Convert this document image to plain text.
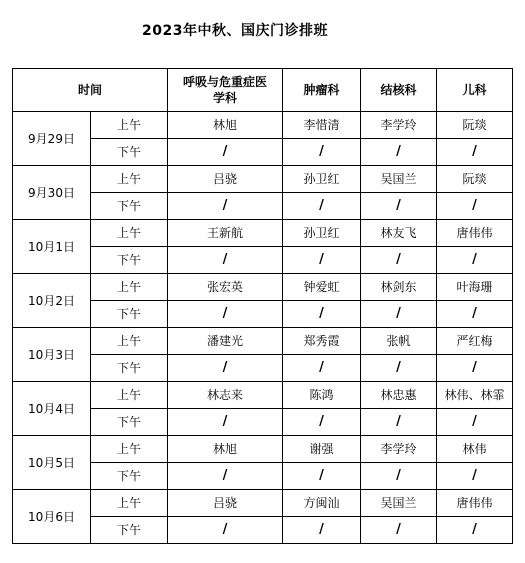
2023年中秋、国庆门诊排班
时间		呼吸与危重症医学科	肿瘤科	结核科	儿科
9月29日	上午	林旭	李惜清	李学玲	阮琰
	下午	/	/	/	/
9月30日	上午	吕骁	孙卫红	吴国兰	阮琰
	下午	/	/	/	/
10月1日	上午	王新航	孙卫红	林友飞	唐伟伟
	下午	/	/	/	/
10月2日	上午	张宏英	钟爱虹	林剑东	叶海珊
	下午	/	/	/	/
10月3日	上午	潘建光	郑秀霞	张帆	严红梅
	下午	/	/	/	/
10月4日	上午	林志来	陈鸿	林忠惠	林伟、林霏
	下午	/	/	/	/
10月5日	上午	林旭	谢强	李学玲	林伟
	下午	/	/	/	/
10月6日	上午	吕骁	方闽汕	吴国兰	唐伟伟
	下午	/	/	/	/
